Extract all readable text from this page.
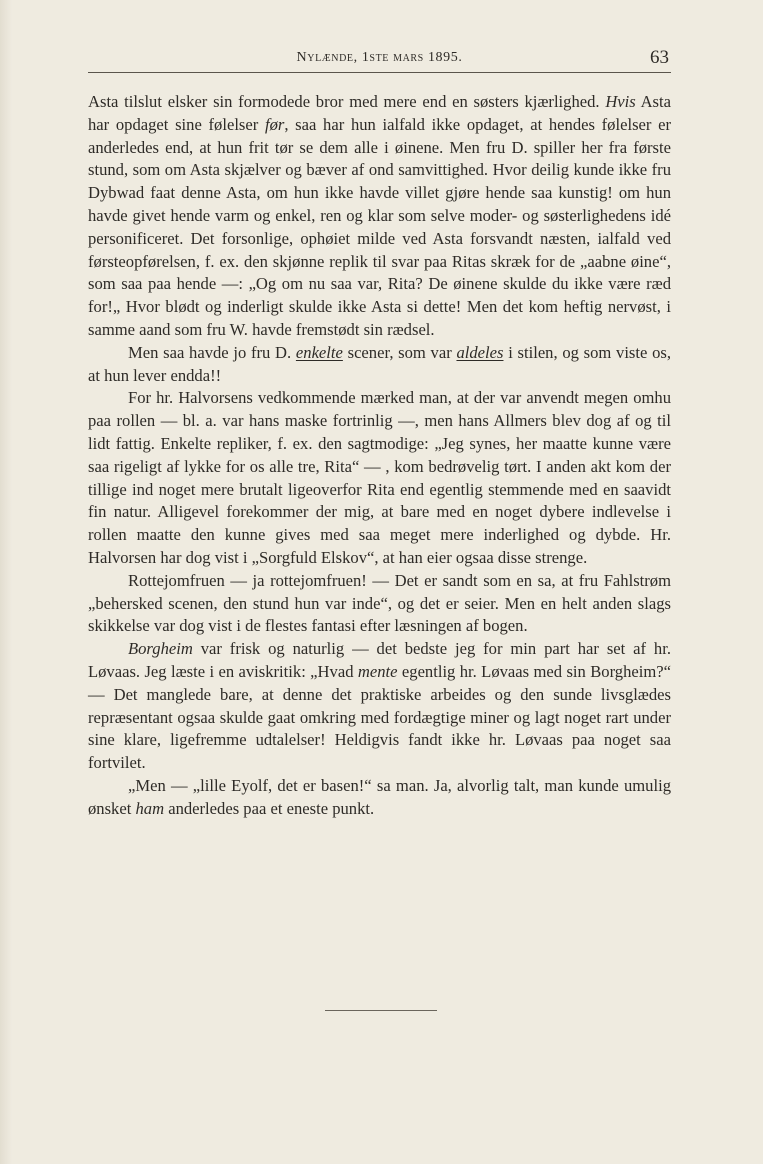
Nylænde, 1ste mars 1895.	63

Asta tilslut elsker sin formodede bror med mere end en søsters kjærlighed. Hvis Asta har opdaget sine følelser før, saa har hun ialfald ikke opdaget, at hendes følelser er anderledes end, at hun frit tør se dem alle i øinene. Men fru D. spiller her fra første stund, som om Asta skjælver og bæver af ond samvittighed. Hvor deilig kunde ikke fru Dybwad faat denne Asta, om hun ikke havde villet gjøre hende saa kunstig! om hun havde givet hende varm og enkel, ren og klar som selve moder- og søsterlighedens idé personificeret. Det forsonlige, ophøiet milde ved Asta forsvandt næsten, ialfald ved førsteopførelsen, f. ex. den skjønne replik til svar paa Ritas skræk for de „aabne øine“, som saa paa hende —: „Og om nu saa var, Rita? De øinene skulde du ikke være ræd for!„ Hvor blødt og inderligt skulde ikke Asta si dette! Men det kom heftig nervøst, i samme aand som fru W. havde fremstødt sin rædsel.

Men saa havde jo fru D. enkelte scener, som var aldeles i stilen, og som viste os, at hun lever endda!!

For hr. Halvorsens vedkommende mærked man, at der var anvendt megen omhu paa rollen — bl. a. var hans maske fortrinlig —, men hans Allmers blev dog af og til lidt fattig. Enkelte repliker, f. ex. den sagtmodige: „Jeg synes, her maatte kunne være saa rigeligt af lykke for os alle tre, Rita“ — , kom bedrøvelig tørt. I anden akt kom der tillige ind noget mere brutalt ligeoverfor Rita end egentlig stemmende med en saavidt fin natur. Alligevel forekommer der mig, at bare med en noget dybere indlevelse i rollen maatte den kunne gives med saa meget mere inderlighed og dybde. Hr. Halvorsen har dog vist i „Sorgfuld Elskov“, at han eier ogsaa disse strenge.

Rottejomfruen — ja rottejomfruen! — Det er sandt som en sa, at fru Fahlstrøm „behersked scenen, den stund hun var inde“, og det er seier. Men en helt anden slags skikkelse var dog vist i de flestes fantasi efter læsningen af bogen.

Borgheim var frisk og naturlig — det bedste jeg for min part har set af hr. Løvaas. Jeg læste i en aviskritik: „Hvad mente egentlig hr. Løvaas med sin Borgheim?“ — Det manglede bare, at denne det praktiske arbeides og den sunde livsglædes repræsentant ogsaa skulde gaat omkring med fordægtige miner og lagt noget rart under sine klare, ligefremme udtalelser! Heldigvis fandt ikke hr. Løvaas paa noget saa fortvilet.

„Men — „lille Eyolf, det er basen!“ sa man. Ja, alvorlig talt, man kunde umulig ønsket ham anderledes paa et eneste punkt.
